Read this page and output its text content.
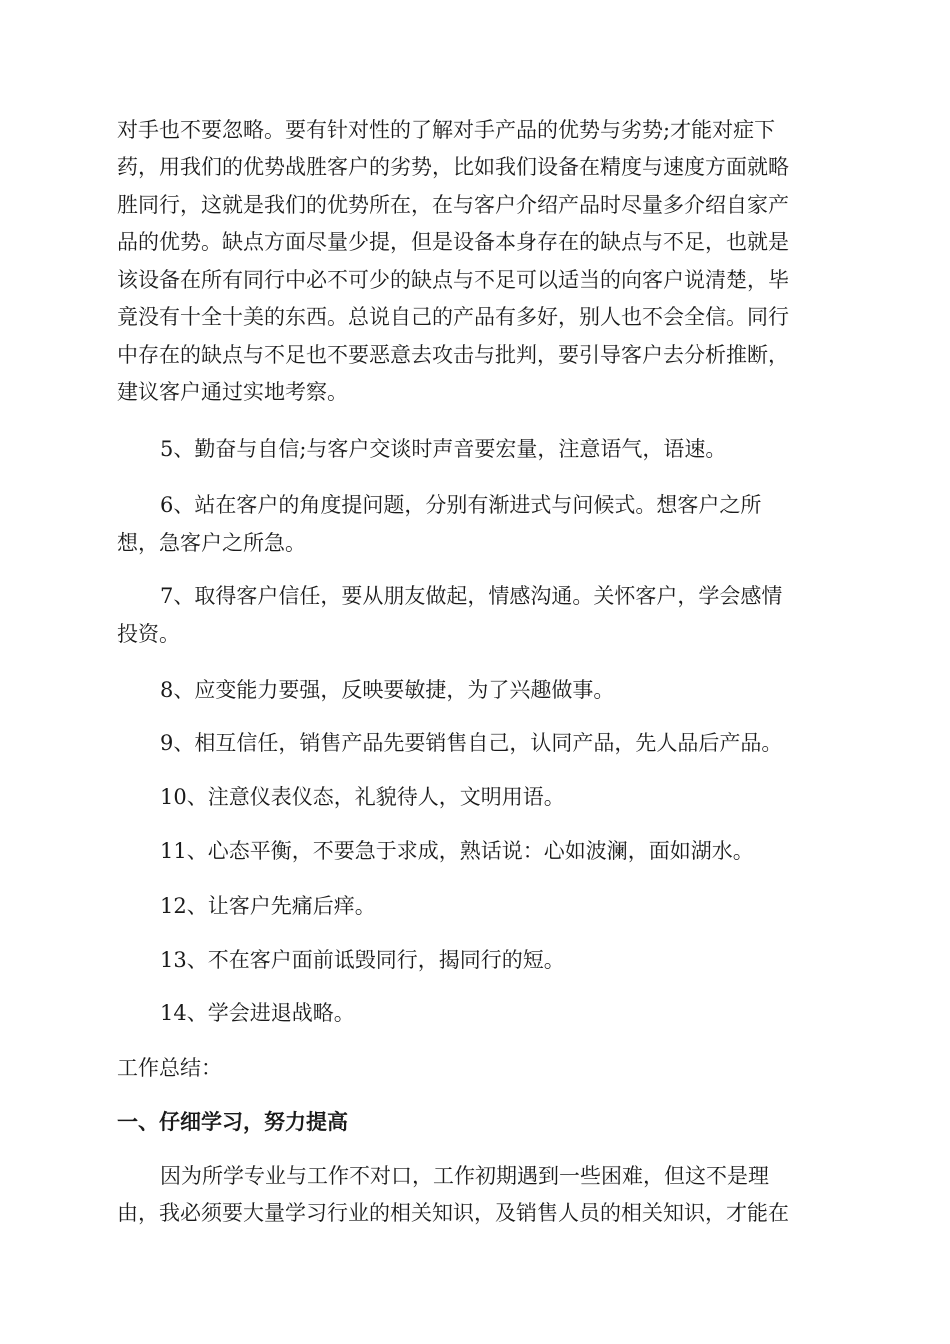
对手也不要忽略。要有针对性的了解对手产品的优势与劣势;才能对症下
药，用我们的优势战胜客户的劣势，比如我们设备在精度与速度方面就略
胜同行，这就是我们的优势所在，在与客户介绍产品时尽量多介绍自家产
品的优势。缺点方面尽量少提，但是设备本身存在的缺点与不足，也就是
该设备在所有同行中必不可少的缺点与不足可以适当的向客户说清楚，毕
竟没有十全十美的东西。总说自己的产品有多好，别人也不会全信。同行
中存在的缺点与不足也不要恶意去攻击与批判，要引导客户去分析推断，
建议客户通过实地考察。
5、勤奋与自信;与客户交谈时声音要宏量，注意语气，语速。
6、站在客户的角度提问题，分别有渐进式与问候式。想客户之所
想，急客户之所急。
7、取得客户信任，要从朋友做起，情感沟通。关怀客户，学会感情
投资。
8、应变能力要强，反映要敏捷，为了兴趣做事。
9、相互信任，销售产品先要销售自己，认同产品，先人品后产品。
10、注意仪表仪态，礼貌待人，文明用语。
11、心态平衡，不要急于求成，熟话说：心如波澜，面如湖水。
12、让客户先痛后痒。
13、不在客户面前诋毁同行，揭同行的短。
14、学会进退战略。
工作总结：
一、仔细学习，努力提高
因为所学专业与工作不对口，工作初期遇到一些困难，但这不是理
由，我必须要大量学习行业的相关知识，及销售人员的相关知识，才能在
